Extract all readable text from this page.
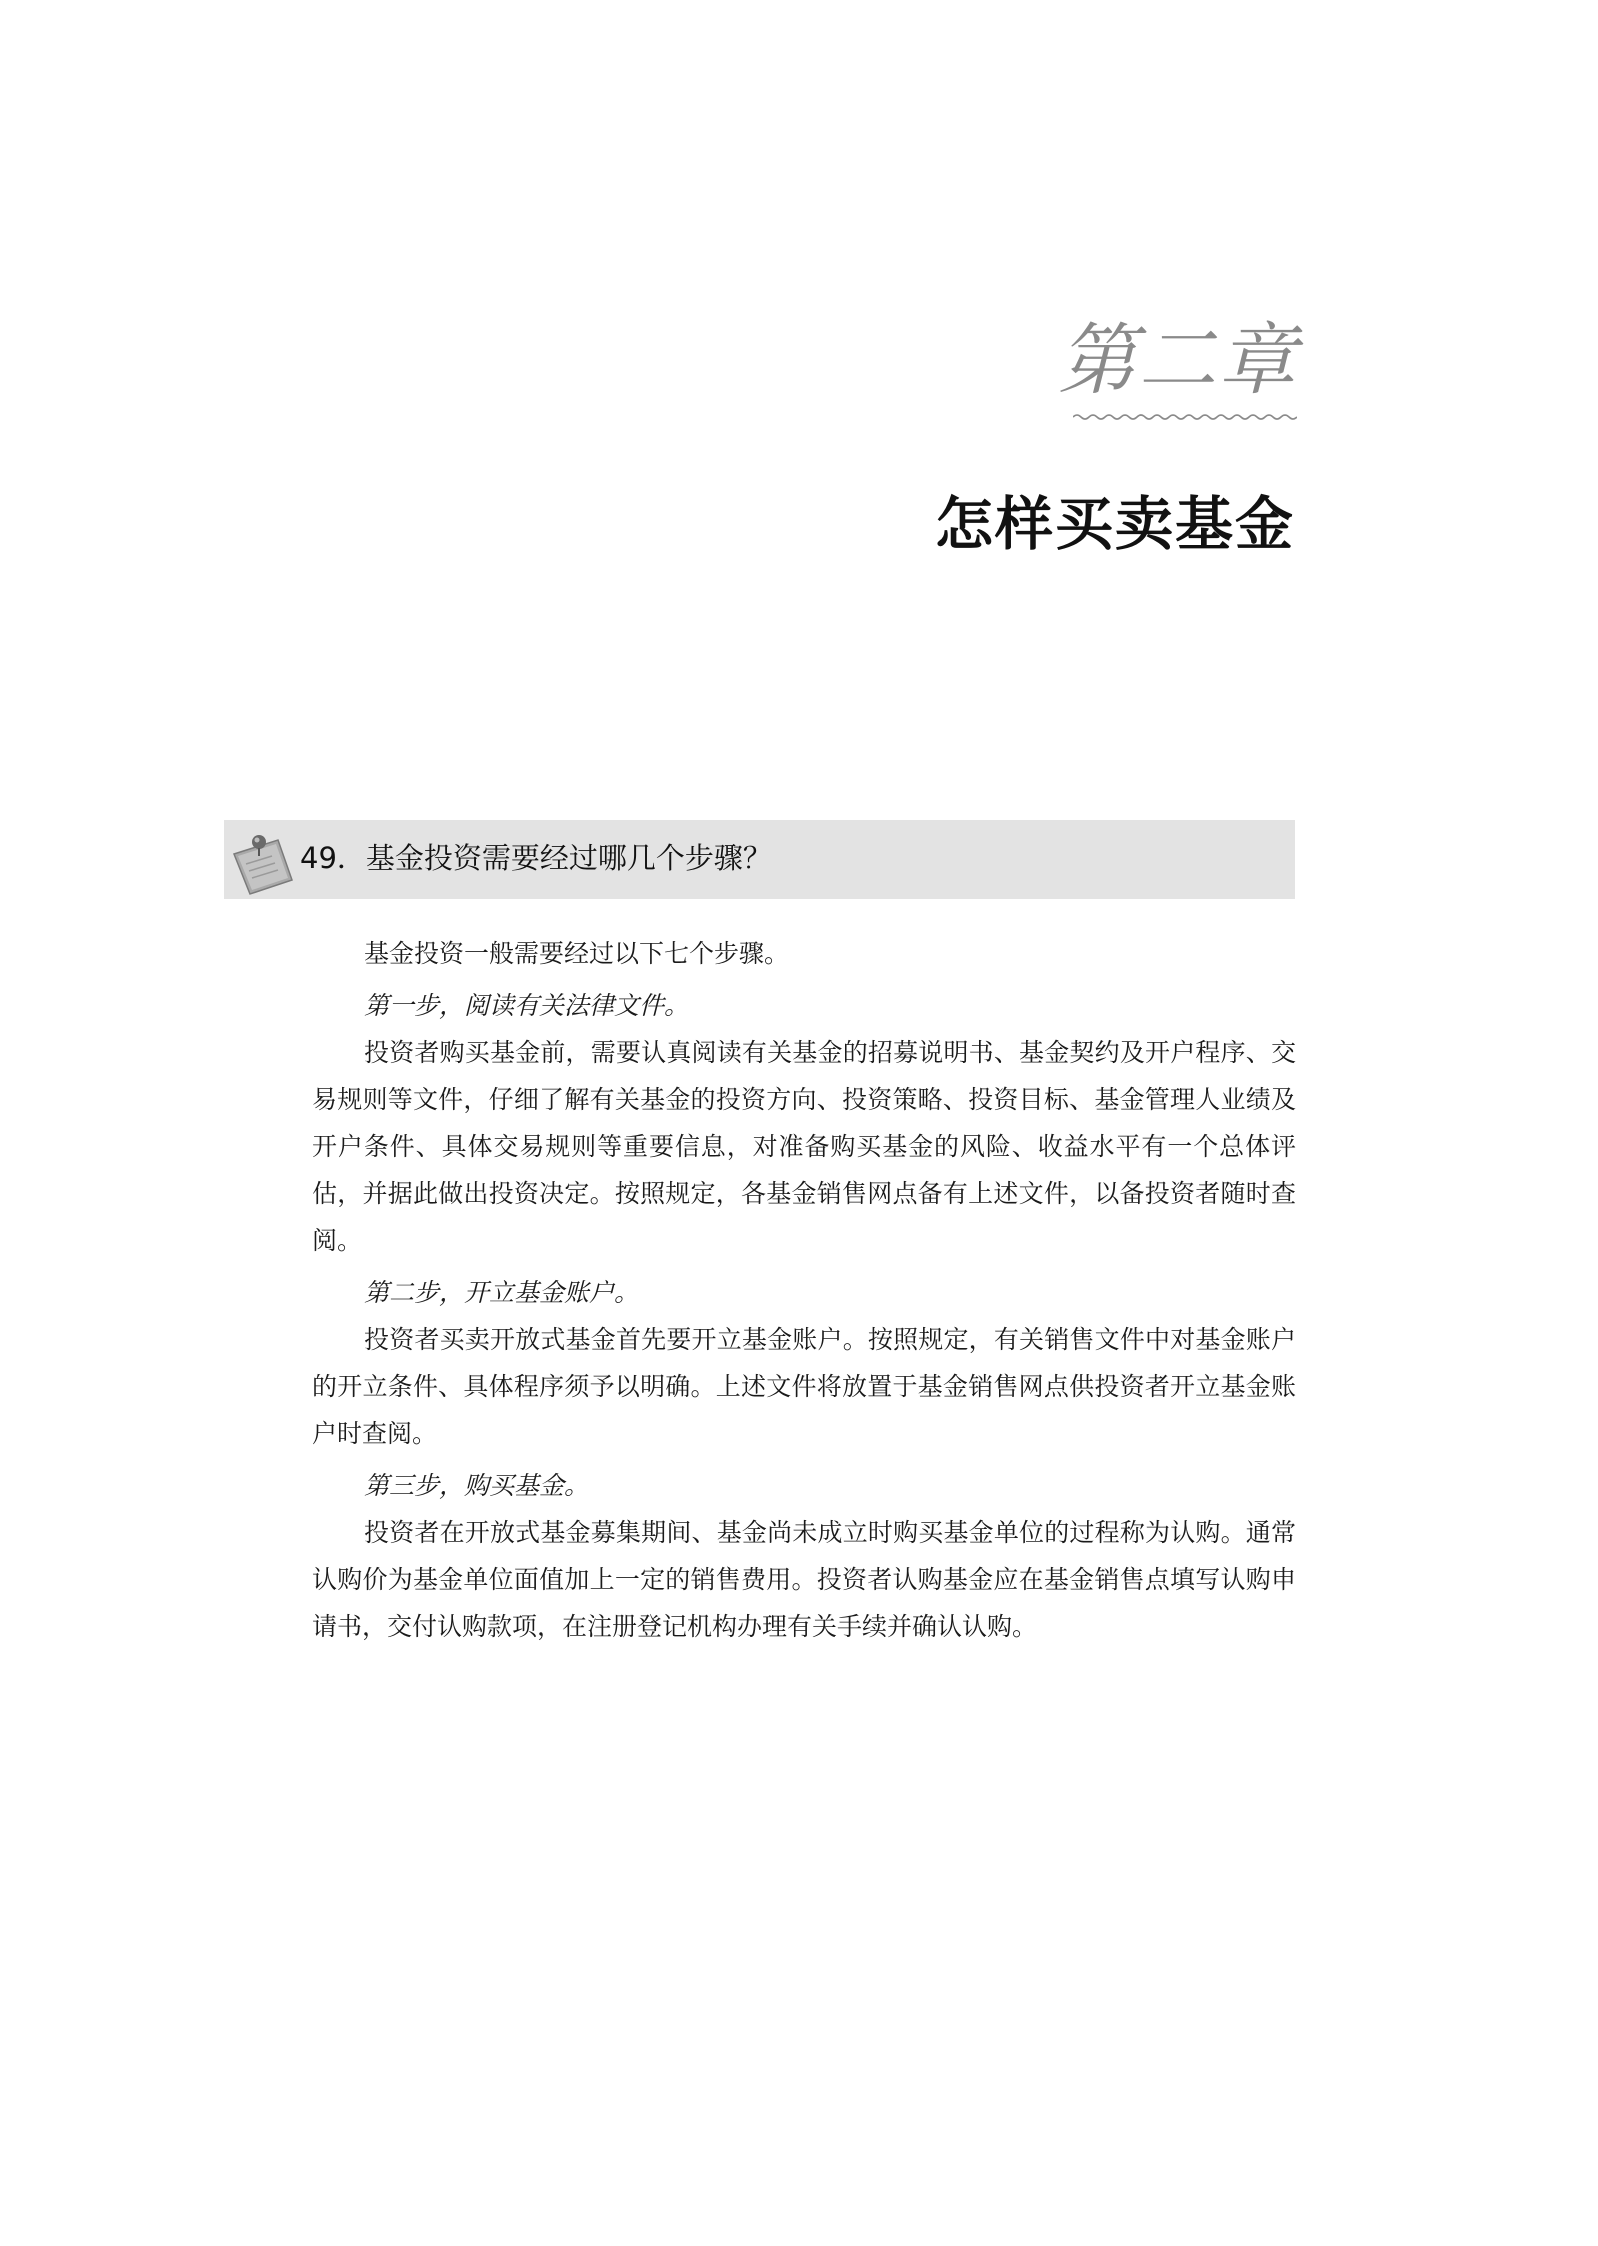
第二章
怎样买卖基金
49．基金投资需要经过哪几个步骤？

基金投资一般需要经过以下七个步骤。

第一步，阅读有关法律文件。

投资者购买基金前，需要认真阅读有关基金的招募说明书、基金契约及开户程序、交易规则等文件，仔细了解有关基金的投资方向、投资策略、投资目标、基金管理人业绩及开户条件、具体交易规则等重要信息，对准备购买基金的风险、收益水平有一个总体评估，并据此做出投资决定。按照规定，各基金销售网点备有上述文件，以备投资者随时查阅。

第二步，开立基金账户。

投资者买卖开放式基金首先要开立基金账户。按照规定，有关销售文件中对基金账户的开立条件、具体程序须予以明确。上述文件将放置于基金销售网点供投资者开立基金账户时查阅。

第三步，购买基金。

投资者在开放式基金募集期间、基金尚未成立时购买基金单位的过程称为认购。通常认购价为基金单位面值加上一定的销售费用。投资者认购基金应在基金销售点填写认购申请书，交付认购款项，在注册登记机构办理有关手续并确认认购。
